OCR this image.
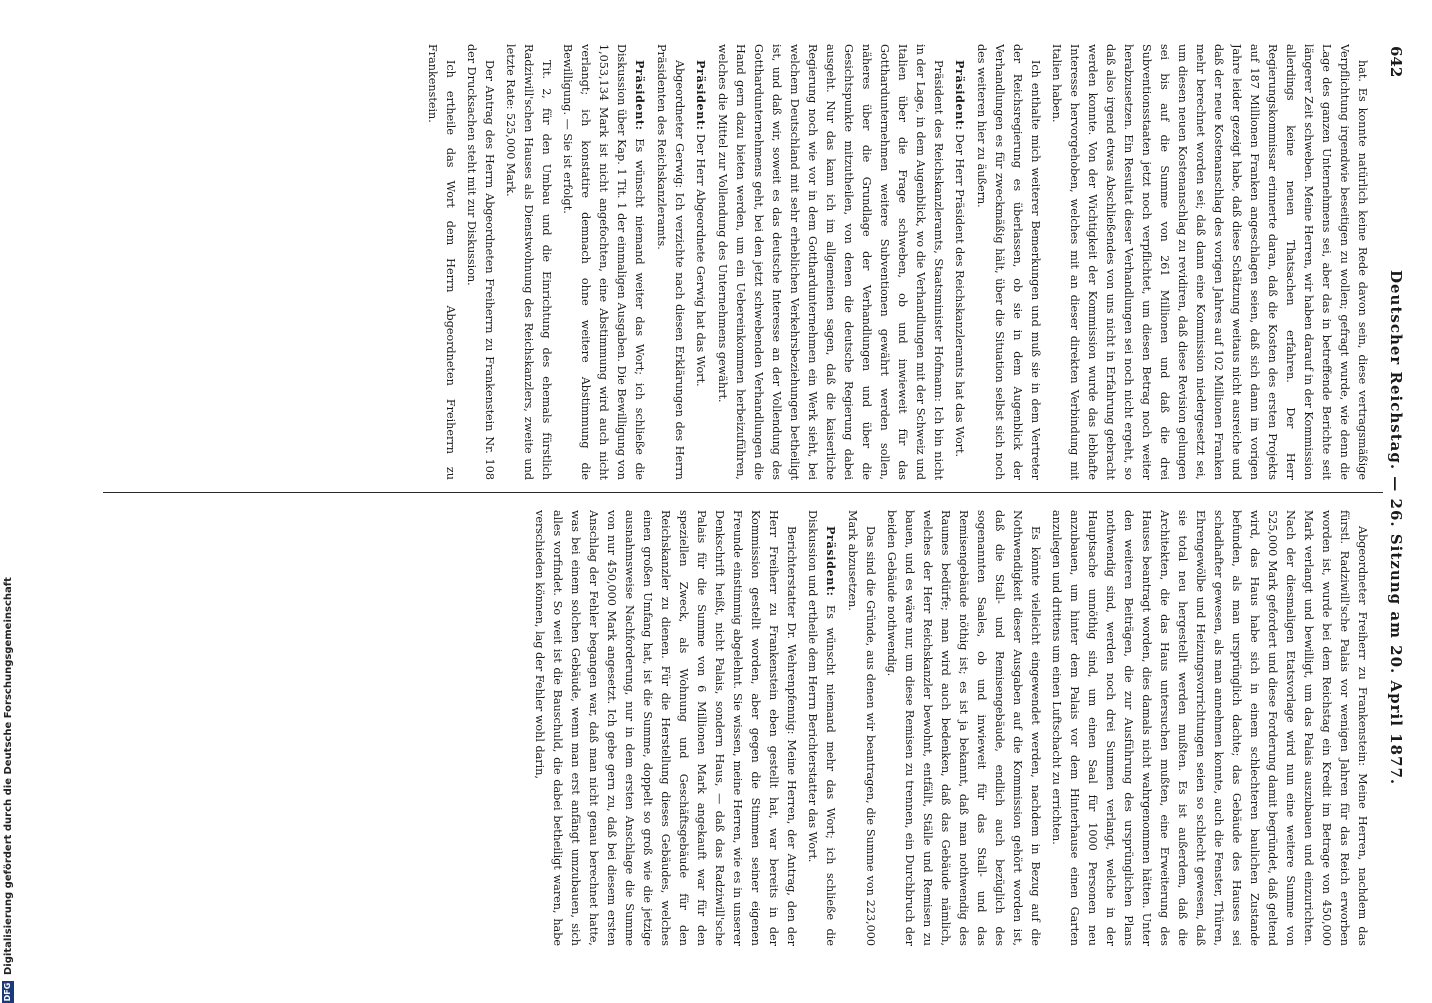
642
Deutscher Reichstag. — 26. Sitzung am 20. April 1877.

hat. Es konnte natürlich keine Rede davon sein, diese vertragsmäßige Verpflichtung irgendwie beseitigen zu wollen; gefragt wurde, wie denn die Lage des ganzen Unternehmens sei, aber das in betreffende Berichte seit längerer Zeit schweben. Meine Herren, wir haben darauf in der Kommission allerdings keine neuen Thatsachen erfahren. Der Herr Regierungskommissar erinnerte daran, daß die Kosten des ersten Projekts auf 187 Millionen Franken angeschlagen seien, daß sich dann im vorigen Jahre leider gezeigt habe, daß diese Schätzung weitaus nicht ausreiche und daß der neue Kostenanschlag des vorigen Jahres auf 102 Millionen Franken mehr berechnet worden sei; daß dann eine Kommission niedergesetzt sei, um diesen neuen Kostenanschlag zu revidiren, daß diese Revision gelungen sei bis auf die Summe von 261 Millionen und daß die drei Subventionsstaaten jetzt noch verpflichtet, um diesen Betrag noch weiter herabzusetzen. Ein Resultat dieser Verhandlungen sei noch nicht ergeht, so daß also irgend etwas Abschließendes von uns nicht in Erfahrung gebracht werden konnte. Von der Wichtigkeit der Kommission wurde das lebhafte Interesse hervorgehoben, welches mit an dieser direkten Verbindung mit Italien haben.

Ich enthalte mich weiterer Bemerkungen und muß sie in dem Vertreter der Reichsregierung es überlassen, ob sie in dem Augenblick der Verhandlungen es für zweckmäßig hält, über die Situation selbst sich noch des weiteren hier zu äußern.

Präsident: Der Herr Präsident des Reichskanzleramts hat das Wort.

Präsident des Reichskanzleramts, Staatsminister Hofmann: Ich bin nicht in der Lage, in dem Augenblick, wo die Verhandlungen mit der Schweiz und Italien über die Frage schweben, ob und inwieweit für das Gotthardunternehmen weitere Subventionen gewährt werden sollen, näheres über die Grundlage der Verhandlungen und über die Gesichtspunkte mitzutheilen, von denen die deutsche Regierung dabei ausgeht. Nur das kann ich im allgemeinen sagen, daß die kaiserliche Regierung noch wie vor in dem Gotthardunternehmen ein Werk sieht, bei welchem Deutschland mit sehr erheblichen Verkehrsbeziehungen betheiligt ist, und daß wir, soweit es das deutsche Interesse an der Vollendung des Gotthardunternehmens geht, bei den jetzt schwebenden Verhandlungen die Hand gern dazu bieten werden, um ein Uebereinkommen herbeizuführen, welches die Mittel zur Vollendung des Unternehmens gewährt.

Präsident: Der Herr Abgeordnete Gerwig hat das Wort.

Abgeordneter Gerwig: Ich verzichte nach diesen Erklärungen des Herrn Präsidenten des Reichskanzleramts.

Präsident: Es wünscht niemand weiter das Wort; ich schließe die Diskussion über Kap. 1 Tit. 1 der einmaligen Ausgaben. Die Bewilligung von 1,053,134 Mark ist nicht angefochten, eine Abstimmung wird auch nicht verlangt; ich konstatire demnach ohne weitere Abstimmung die Bewilligung. — Sie ist erfolgt.

Tit. 2, für den Umbau und die Einrichtung des ehemals fürstlich Radziwill'schen Hauses als Dienstwohnung des Reichskanzlers, zweite und letzte Rate: 525,000 Mark.

Der Antrag des Herrn Abgeordneten Freiherrn zu Frankenstein Nr. 108 der Drucksachen steht mit zur Diskussion.

Ich ertheile das Wort dem Herrn Abgeordneten Freiherrn zu Frankenstein.

Abgeordneter Freiherr zu Frankenstein: Meine Herren, nachdem das fürstl. Radziwill'sche Palais vor wenigen Jahren für das Reich erworben worden ist, wurde bei dem Reichstag ein Kredit im Betrage von 450,000 Mark verlangt und bewilligt, um das Palais auszubauen und einzurichten. Nach der diesmaligen Etatsvorlage wird nun eine weitere Summe von 525,000 Mark gefordert und diese Forderung damit begründet, daß geltend wird, das Haus habe sich in einem schlechteren baulichen Zustande befunden, als man ursprünglich dachte; das Gebäude des Hauses sei schadhafter gewesen, als man annehmen konnte, auch die Fenster, Thüren, Ehrengewölbe und Heizungsvorrichtungen seien so schlecht gewesen, daß sie total neu hergestellt werden mußten. Es ist außerdem, daß die Architekten, die das Haus untersuchen mußten, eine Erweiterung des Hauses beantragt worden, dies damals nicht wahrgenommen hätten. Unter den weiteren Beiträgen, die zur Ausführung des ursprünglichen Plans nothwendig sind, werden noch drei Summen verlangt, welche in der Hauptsache unnöthig sind, um einen Saal für 1000 Personen neu anzubauen, um hinter dem Palais vor dem Hinterhause einen Garten anzulegen und drittens um einen Luftschacht zu errichten.

Es könnte vielleicht eingewendet werden, nachdem in Bezug auf die Nothwendigkeit dieser Ausgaben auf die Kommission gehört worden ist, daß die Stall- und Remisengebäude, endlich auch bezüglich des sogenannten Saales, ob und inwieweit für das Stall- und das Remisengebäude nöthig ist; es ist ja bekannt, daß man nothwendig des Raumes bedürfe; man wird auch bedenken, daß das Gebäude nämlich, welches der Herr Reichskanzler bewohnt, entfällt, Ställe und Remisen zu bauen, und es wäre nur, um diese Remisen zu trennen, ein Durchbruch der beiden Gebäude nothwendig.

Das sind die Gründe, aus denen wir beantragen, die Summe von 223,000 Mark abzusetzen.

Präsident: Es wünscht niemand mehr das Wort; ich schließe die Diskussion und ertheile dem Herrn Berichterstatter das Wort.

Berichterstatter Dr. Wehrenpfennig: Meine Herren, der Antrag, den der Herr Freiherr zu Frankenstein eben gestellt hat, war bereits in der Kommission gestellt worden, aber gegen die Stimmen seiner eigenen Freunde einstimmig abgelehnt. Sie wissen, meine Herren, wie es in unserer Denkschrift heißt, nicht Palais, sondern Haus, — daß das Radziwill'sche Palais für die Summe von 6 Millionen Mark angekauft war für den speziellen Zweck, als Wohnung und Geschäftsgebäude für den Reichskanzler zu dienen. Für die Herstellung dieses Gebäudes, welches einen großen Umfang hat, ist die Summe, doppelt so groß wie die jetzige ausnahmsweise Nachforderung, nur in dem ersten Anschlage die Summe von nur 450,000 Mark angesetzt. Ich gebe gern zu, daß bei diesem ersten Anschlag der Fehler begangen war, daß man nicht genau berechnet hatte, was bei einem solchen Gebäude, wenn man erst anfängt umzubauen, sich alles vorfindet. So weit ist die Bauschuld, die dabei betheiligt waren, habe verschieden können, lag der Fehler wohl darin,

DFGDigitalisierung gefördert durch die Deutsche Forschungsgemeinschaft
